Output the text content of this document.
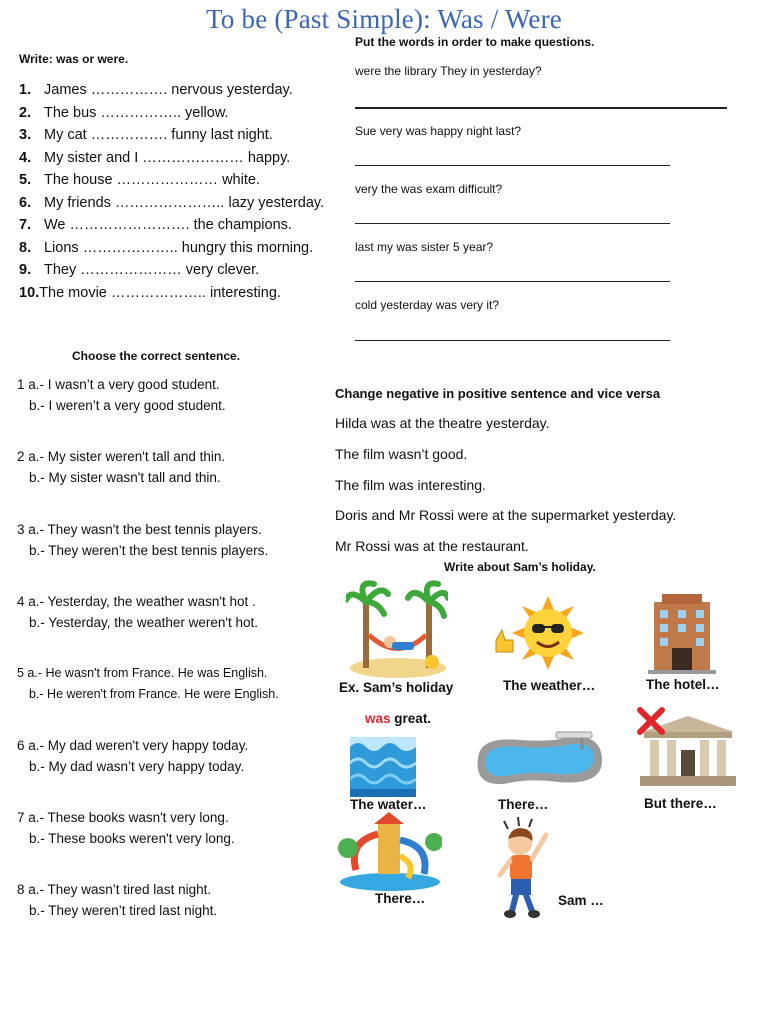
To be (Past Simple): Was / Were
Write: was or were.
1. James ……………. nervous yesterday.
2. The bus …………….. yellow.
3. My cat ……………. funny last night.
4. My sister and I ………………… happy.
5. The house ………………… white.
6. My friends ………………….. lazy yesterday.
7. We ……………………. the champions.
8. Lions ……………….. hungry this morning.
9. They ………………… very clever.
10.The movie ……………….. interesting.
Put the words in order to make questions.
were the library They in yesterday?
Sue very was happy night last?
very the was exam difficult?
last my was sister 5 year?
cold yesterday was very it?
Choose the correct sentence.
1 a.- I wasn’t a very good student.
b.- I weren’t a very good student.
2 a.- My sister weren't tall and thin.
b.- My sister wasn't tall and thin.
3 a.- They wasn't the best tennis players.
b.- They weren’t the best tennis players.
4 a.- Yesterday, the weather wasn't hot .
b.- Yesterday, the weather weren't hot.
5 a.- He wasn't from France. He was English.
b.- He weren't from France. He were English.
6 a.- My dad weren't very happy today.
b.- My dad wasn’t very happy today.
7 a.- These books wasn't very long.
b.- These books weren't very long.
8 a.- They wasn’t tired last night.
b.- They weren’t tired last night.
Change negative in positive sentence and vice versa
Hilda was at the theatre yesterday.
The film wasn’t good.
The film was interesting.
Doris and Mr Rossi were at the supermarket yesterday.
Mr Rossi was at the restaurant.
Write about Sam’s holiday.
Ex. Sam’s holiday
was great.
The weather…	The hotel…
The water…	There…	But there…
There…	Sam …
